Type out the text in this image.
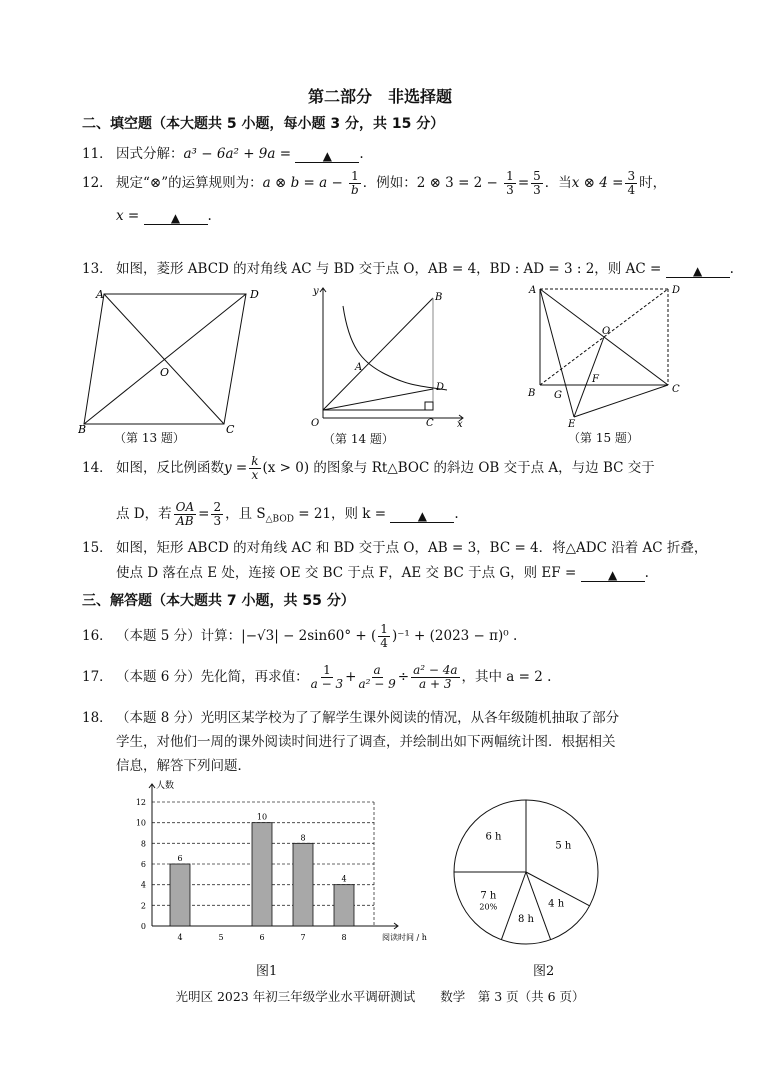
第二部分　非选择题
二、填空题（本大题共 5 小题，每小题 3 分，共 15 分）
11． 因式分解：a³ − 6a² + 9a =	▲ .
12． 规定“⊗”的运算规则为：a ⊗ $b = a - \frac{1}{b}$ ．例如：2 ⊗ $3 = 2 - \frac{1}{3} = \frac{5}{3}$ ．当x ⊗ $4 = \frac{3}{4}$ 时，
x =	▲ .
13． 如图，菱形 ABCD 的对角线 AC 与 BD 交于点 O，AB = 4，BD : AD = 3 : 2，则 AC =	▲ .
A	D
B	C
O
（第 13 题）
y
x
O
A
B
C
D
（第 14 题）
A	D
B	C
O
E
F
G
（第 15 题）
14． 如图，反比例函数$y = \frac{k}{x} (x > 0)$ 的图象与 Rt△BOC 的斜边 OB 交于点 A，与边 BC 交于
点 D，若 $\frac{OA}{AB} = \frac{2}{3}$ ，且 $S_{\triangle BOD} = 21$，则 k =	▲ .
15． 如图，矩形 ABCD 的对角线 AC 和 BD 交于点 O，AB = 3，BC = 4．将△ADC 沿着 AC 折叠，
使点 D 落在点 E 处，连接 OE 交 BC 于点 F，AE 交 BC 于点 G，则 EF =	▲ .
三、解答题（本大题共 7 小题，共 55 分）
16． （本题 5 分）计算：|−√3| − 2sin60° + ( $\frac{1}{4} )^{-1} + (2023 - \pi)^0$ .
17． （本题 6 分）先化简，再求值： $\frac{1}{a - 3} + \frac{a}{\text{a² − 9}} \div \frac{\text{a² − 4a}}{a + 3}$ ，其中 a = 2 .
18． （本题 8 分）光明区某学校为了了解学生课外阅读的情况，从各年级随机抽取了部分
学生，对他们一周的课外阅读时间进行了调查，并绘制出如下两幅统计图．根据相关
信息，解答下列问题．
0
2
4
6
8
10
12
人数
阅读时间 / h
4
6
5	6
10
7
8
8
4
图1
5 h
4 h
8 h
7 h
20%
6 h
图2
光明区 2023 年初三年级学业水平调研测试　　数学　第 3 页（共 6 页）
